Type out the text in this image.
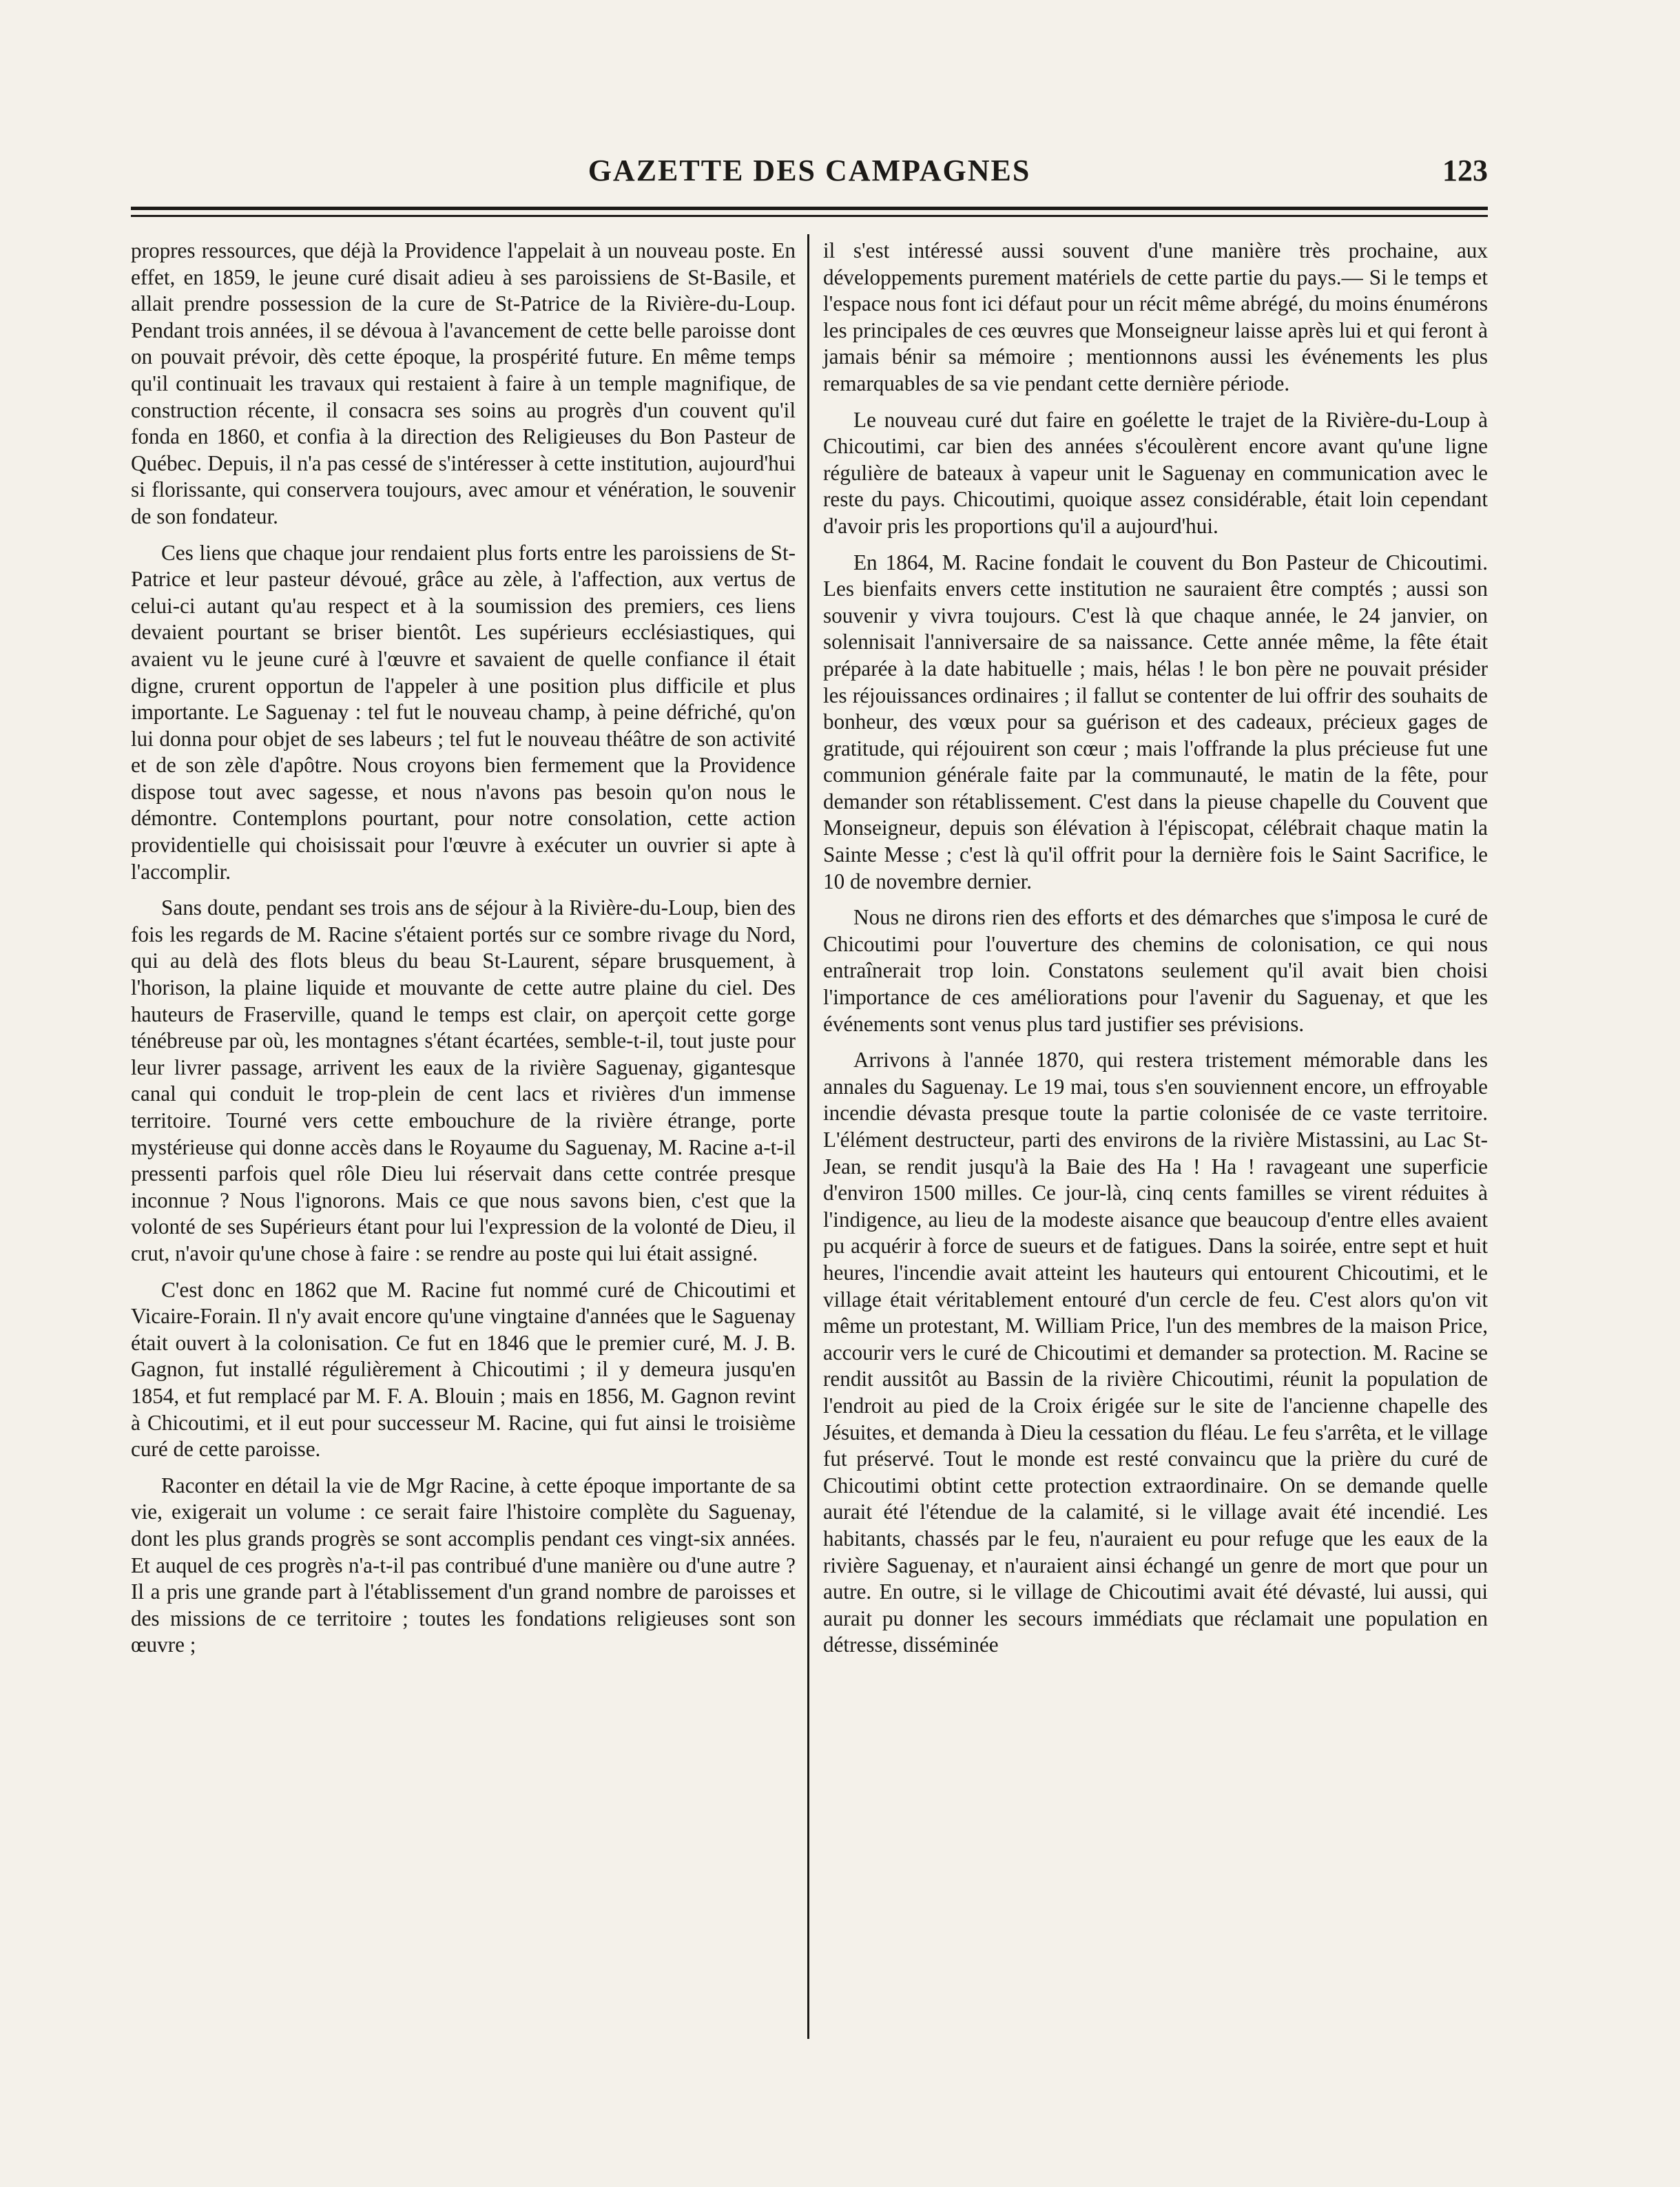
GAZETTE DES CAMPAGNES	123

propres ressources, que déjà la Providence l'appelait à un nouveau poste. En effet, en 1859, le jeune curé disait adieu à ses paroissiens de St-Basile, et allait prendre possession de la cure de St-Patrice de la Rivière-du-Loup. Pendant trois années, il se dévoua à l'avancement de cette belle paroisse dont on pouvait prévoir, dès cette époque, la prospérité future. En même temps qu'il continuait les travaux qui restaient à faire à un temple magnifique, de construction récente, il consacra ses soins au progrès d'un couvent qu'il fonda en 1860, et confia à la direction des Religieuses du Bon Pasteur de Québec. Depuis, il n'a pas cessé de s'intéresser à cette institution, aujourd'hui si florissante, qui conservera toujours, avec amour et vénération, le souvenir de son fondateur.

Ces liens que chaque jour rendaient plus forts entre les paroissiens de St-Patrice et leur pasteur dévoué, grâce au zèle, à l'affection, aux vertus de celui-ci autant qu'au respect et à la soumission des premiers, ces liens devaient pourtant se briser bientôt. Les supérieurs ecclésiastiques, qui avaient vu le jeune curé à l'œuvre et savaient de quelle confiance il était digne, crurent opportun de l'appeler à une position plus difficile et plus importante. Le Saguenay : tel fut le nouveau champ, à peine défriché, qu'on lui donna pour objet de ses labeurs ; tel fut le nouveau théâtre de son activité et de son zèle d'apôtre. Nous croyons bien fermement que la Providence dispose tout avec sagesse, et nous n'avons pas besoin qu'on nous le démontre. Contemplons pourtant, pour notre consolation, cette action providentielle qui choisissait pour l'œuvre à exécuter un ouvrier si apte à l'accomplir.

Sans doute, pendant ses trois ans de séjour à la Rivière-du-Loup, bien des fois les regards de M. Racine s'étaient portés sur ce sombre rivage du Nord, qui au delà des flots bleus du beau St-Laurent, sépare brusquement, à l'horison, la plaine liquide et mouvante de cette autre plaine du ciel. Des hauteurs de Fraserville, quand le temps est clair, on aperçoit cette gorge ténébreuse par où, les montagnes s'étant écartées, semble-t-il, tout juste pour leur livrer passage, arrivent les eaux de la rivière Saguenay, gigantesque canal qui conduit le trop-plein de cent lacs et rivières d'un immense territoire. Tourné vers cette embouchure de la rivière étrange, porte mystérieuse qui donne accès dans le Royaume du Saguenay, M. Racine a-t-il pressenti parfois quel rôle Dieu lui réservait dans cette contrée presque inconnue ? Nous l'ignorons. Mais ce que nous savons bien, c'est que la volonté de ses Supérieurs étant pour lui l'expression de la volonté de Dieu, il crut, n'avoir qu'une chose à faire : se rendre au poste qui lui était assigné.

C'est donc en 1862 que M. Racine fut nommé curé de Chicoutimi et Vicaire-Forain. Il n'y avait encore qu'une vingtaine d'années que le Saguenay était ouvert à la colonisation. Ce fut en 1846 que le premier curé, M. J. B. Gagnon, fut installé régulièrement à Chicoutimi ; il y demeura jusqu'en 1854, et fut remplacé par M. F. A. Blouin ; mais en 1856, M. Gagnon revint à Chicoutimi, et il eut pour successeur M. Racine, qui fut ainsi le troisième curé de cette paroisse.

Raconter en détail la vie de Mgr Racine, à cette époque importante de sa vie, exigerait un volume : ce serait faire l'histoire complète du Saguenay, dont les plus grands progrès se sont accomplis pendant ces vingt-six années. Et auquel de ces progrès n'a-t-il pas contribué d'une manière ou d'une autre ? Il a pris une grande part à l'établissement d'un grand nombre de paroisses et des missions de ce territoire ; toutes les fondations religieuses sont son œuvre ;

il s'est intéressé aussi souvent d'une manière très prochaine, aux développements purement matériels de cette partie du pays.— Si le temps et l'espace nous font ici défaut pour un récit même abrégé, du moins énumérons les principales de ces œuvres que Monseigneur laisse après lui et qui feront à jamais bénir sa mémoire ; mentionnons aussi les événements les plus remarquables de sa vie pendant cette dernière période.

Le nouveau curé dut faire en goélette le trajet de la Rivière-du-Loup à Chicoutimi, car bien des années s'écoulèrent encore avant qu'une ligne régulière de bateaux à vapeur unit le Saguenay en communication avec le reste du pays. Chicoutimi, quoique assez considérable, était loin cependant d'avoir pris les proportions qu'il a aujourd'hui.

En 1864, M. Racine fondait le couvent du Bon Pasteur de Chicoutimi. Les bienfaits envers cette institution ne sauraient être comptés ; aussi son souvenir y vivra toujours. C'est là que chaque année, le 24 janvier, on solennisait l'anniversaire de sa naissance. Cette année même, la fête était préparée à la date habituelle ; mais, hélas ! le bon père ne pouvait présider les réjouissances ordinaires ; il fallut se contenter de lui offrir des souhaits de bonheur, des vœux pour sa guérison et des cadeaux, précieux gages de gratitude, qui réjouirent son cœur ; mais l'offrande la plus précieuse fut une communion générale faite par la communauté, le matin de la fête, pour demander son rétablissement. C'est dans la pieuse chapelle du Couvent que Monseigneur, depuis son élévation à l'épiscopat, célébrait chaque matin la Sainte Messe ; c'est là qu'il offrit pour la dernière fois le Saint Sacrifice, le 10 de novembre dernier.

Nous ne dirons rien des efforts et des démarches que s'imposa le curé de Chicoutimi pour l'ouverture des chemins de colonisation, ce qui nous entraînerait trop loin. Constatons seulement qu'il avait bien choisi l'importance de ces améliorations pour l'avenir du Saguenay, et que les événements sont venus plus tard justifier ses prévisions.

Arrivons à l'année 1870, qui restera tristement mémorable dans les annales du Saguenay. Le 19 mai, tous s'en souviennent encore, un effroyable incendie dévasta presque toute la partie colonisée de ce vaste territoire. L'élément destructeur, parti des environs de la rivière Mistassini, au Lac St-Jean, se rendit jusqu'à la Baie des Ha ! Ha ! ravageant une superficie d'environ 1500 milles. Ce jour-là, cinq cents familles se virent réduites à l'indigence, au lieu de la modeste aisance que beaucoup d'entre elles avaient pu acquérir à force de sueurs et de fatigues. Dans la soirée, entre sept et huit heures, l'incendie avait atteint les hauteurs qui entourent Chicoutimi, et le village était véritablement entouré d'un cercle de feu. C'est alors qu'on vit même un protestant, M. William Price, l'un des membres de la maison Price, accourir vers le curé de Chicoutimi et demander sa protection. M. Racine se rendit aussitôt au Bassin de la rivière Chicoutimi, réunit la population de l'endroit au pied de la Croix érigée sur le site de l'ancienne chapelle des Jésuites, et demanda à Dieu la cessation du fléau. Le feu s'arrêta, et le village fut préservé. Tout le monde est resté convaincu que la prière du curé de Chicoutimi obtint cette protection extraordinaire. On se demande quelle aurait été l'étendue de la calamité, si le village avait été incendié. Les habitants, chassés par le feu, n'auraient eu pour refuge que les eaux de la rivière Saguenay, et n'auraient ainsi échangé un genre de mort que pour un autre. En outre, si le village de Chicoutimi avait été dévasté, lui aussi, qui aurait pu donner les secours immédiats que réclamait une population en détresse, disséminée
